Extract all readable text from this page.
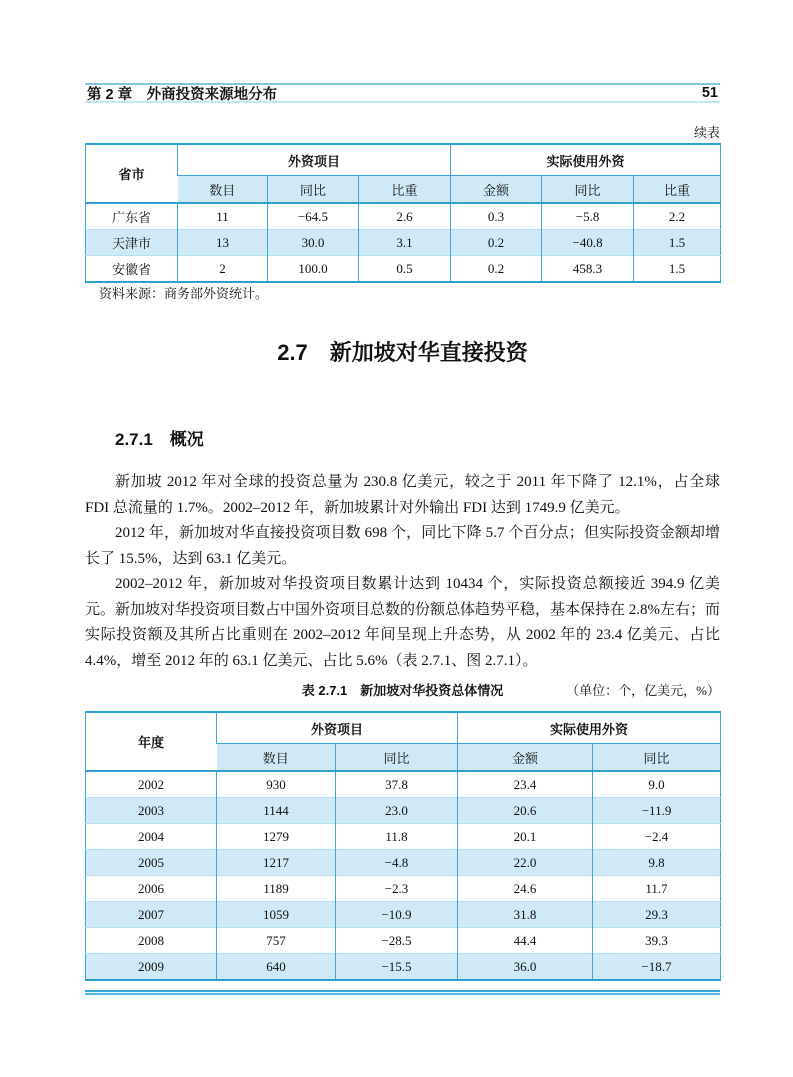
第 2 章　外商投资来源地分布	51
续表
省市	外资项目			实际使用外资		
	数目	同比	比重	金额	同比	比重
广东省	11	−64.5	2.6	0.3	−5.8	2.2
天津市	13	30.0	3.1	0.2	−40.8	1.5
安徽省	2	100.0	0.5	0.2	458.3	1.5
资料来源：商务部外资统计。
2.7　新加坡对华直接投资
2.7.1　概况

新加坡 2012 年对全球的投资总量为 230.8 亿美元，较之于 2011 年下降了 12.1%，占全球 FDI 总流量的 1.7%。2002–2012 年，新加坡累计对外输出 FDI 达到 1749.9 亿美元。

2012 年，新加坡对华直接投资项目数 698 个，同比下降 5.7 个百分点；但实际投资金额却增长了 15.5%，达到 63.1 亿美元。

2002–2012 年，新加坡对华投资项目数累计达到 10434 个，实际投资总额接近 394.9 亿美元。新加坡对华投资项目数占中国外资项目总数的份额总体趋势平稳，基本保持在 2.8%左右；而实际投资额及其所占比重则在 2002–2012 年间呈现上升态势，从 2002 年的 23.4 亿美元、占比 4.4%，增至 2012 年的 63.1 亿美元、占比 5.6%（表 2.7.1、图 2.7.1）。

表 2.7.1　新加坡对华投资总体情况	（单位：个，亿美元，%）
年度	外资项目		实际使用外资	
	数目	同比	金额	同比
2002	930	37.8	23.4	9.0
2003	1144	23.0	20.6	−11.9
2004	1279	11.8	20.1	−2.4
2005	1217	−4.8	22.0	9.8
2006	1189	−2.3	24.6	11.7
2007	1059	−10.9	31.8	29.3
2008	757	−28.5	44.4	39.3
2009	640	−15.5	36.0	−18.7
